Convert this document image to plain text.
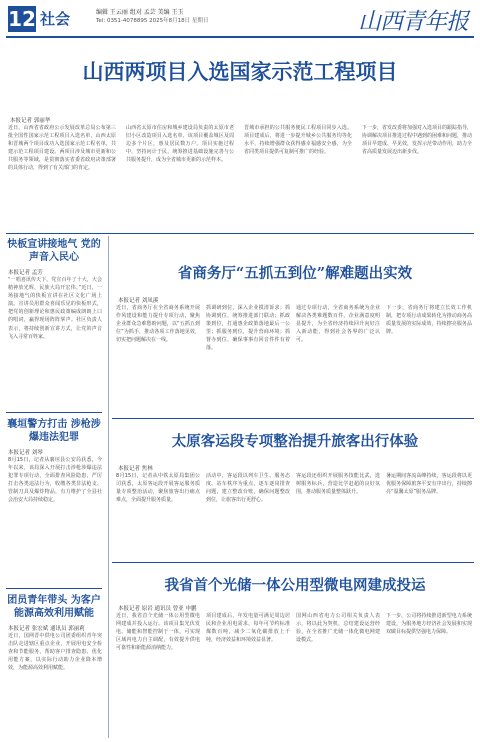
12 社会	编辑 王云丽 组对 孟芸 美编 王玉
Tel: 0351-4078895 2025年8月18日 星期日	山西青年报
山西两项目入选国家示范工程项目
本报记者 郭丽华
近日，山西省省政府公示发展改革总局公布第三批全国性国家示范工程项目入选名单，山西太原和晋城两个项目成功入选国家示范工程名单，共建示范工程项目建设。两项目涉及城市更新和公共服务等领域，是贯彻落实省委省政府决策部署的具体行动，得到了有关部门的肯定。
山西省太原市住房和城乡建设局负责的太原市老旧小区改造项目入选名单，该项目覆盖城区及周边多个片区，惠及居民数万户。项目实施过程中，坚持问计于民，统筹推进基础设施完善与公共服务提升，成为全省城市更新的示范样本。
晋城市承担的公共服务便民工程项目同步入选。项目建成后，将进一步提升城乡公共服务均等化水平，持续增强群众获得感幸福感安全感，为全省同类项目提供可复制可推广的经验。
下一步，省发改委将加强对入选项目的跟踪指导，协调解决项目推进过程中遇到的困难和问题，推动项目早建成、早见效，发挥示范带动作用，助力全省高质量发展迈出新步伐。
快板宣讲接地气 党的声音入民心
本报记者 孟芳
“一唱喜讯传天下，党宣百年了十大，大会精神放光辉，民族大局开宏伟。”近日，一场接地气的快板宣讲在社区文化广场上演。宣讲员用群众喜闻乐见的快板形式，把党的创新理论和惠民政策编成朗朗上口的唱词，赢得现场阵阵掌声。社区负责人表示，将持续创新宣讲方式，让党的声音飞入寻常百姓家。
襄垣警方打击 涉枪涉爆违法犯罪
本报记者 刘琴
8月15日，记者从襄垣县公安局获悉，今年以来，该局深入开展打击涉枪涉爆违法犯罪专项行动，全面排查风险隐患，严厉打击各类违法行为，收缴各类非法枪支、管制刀具及爆炸物品，有力维护了全县社会治安大局持续稳定。
团员青年带头 为客户能源高效利用赋能
本报记者 张宏斌 通讯员 郭丽莉
近日，国网晋中供电公司团委组织青年突击队走进辖区重点企业，开展用电安全检查和节能服务，帮助客户排查隐患、优化用能方案，以实际行动助力企业降本增效，为能源高效利用赋能。
省商务厅“五抓五到位”解难题出实效
本报记者 刘凤溪
近日，省商务厅在全省商务系统开展作风建设和能力提升专项行动，聚焦企业群众急难愁盼问题，以“五抓五到位”为抓手，推动各项工作落地见效，切实把问题解决在一线。
抓调研到位，深入企业摸清诉求；抓协调到位，统筹推进部门联动；抓政策到位，打通惠企政策落地最后一公里；抓服务到位，提升营商环境；抓督办到位，确保事事有回音件件有着落。
通过专项行动，全省商务系统为企业解决各类难题数百件，企业满意度明显提升，为全省经济持续回升向好注入新动能，得到社会各界的广泛认可。
下一步，省商务厅将建立长效工作机制，把专项行动成果转化为推动商务高质量发展的实际成效，持续擦亮服务品牌。
太原客运段专项整治提升旅客出行体验
本报记者 焦林
8月15日，记者从中铁太原局集团公司获悉，太原客运段开展客运服务质量专项整治活动，聚焦旅客出行痛点难点，全面提升服务质量。
活动中，客运段以列车卫生、服务态度、站车秩序为重点，逐车逐岗排查问题，建立整改台账，确保问题整改到位，让旅客出行更舒心。
客运段还组织开展服务技能比武，选树服务标兵，营造比学赶超的良好氛围，推动服务质量整体跃升。
暑运期间客流高峰持续，客运段将以更优服务保障旅客平安有序出行，持续擦亮“温馨太原”服务品牌。
我省首个光储一体公用型微电网建成投运
本报记者 原岩 通讯员 曾亚 申鹏
近日，我省首个光储一体公用型微电网建成并投入运行。该项目集光伏发电、储能和智能控制于一体，可实现区域内电力自主调配，有效提升供电可靠性和新能源消纳能力。
项目建成后，年发电量可满足周边居民和企业用电需求，每年可节约标准煤数百吨，减少二氧化碳排放上千吨，经济效益和环境效益显著。
国网山西省电力公司相关负责人表示，将以此为契机，总结建设运营经验，在全省推广光储一体化微电网建设模式。
下一步，公司将持续推进新型电力系统建设，为服务地方经济社会发展和实现双碳目标提供坚强电力保障。
